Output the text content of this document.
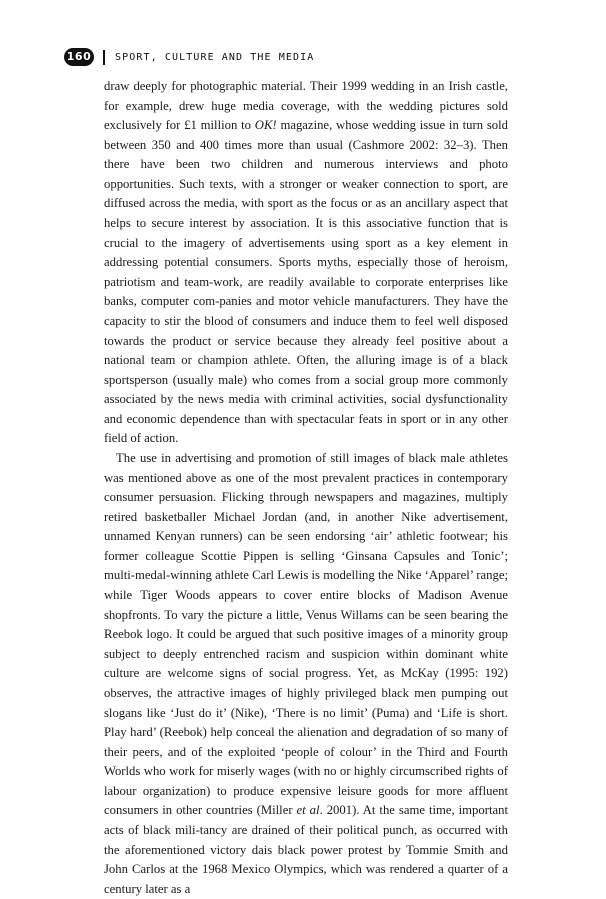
160 SPORT, CULTURE AND THE MEDIA

draw deeply for photographic material. Their 1999 wedding in an Irish castle, for example, drew huge media coverage, with the wedding pictures sold exclusively for £1 million to OK! magazine, whose wedding issue in turn sold between 350 and 400 times more than usual (Cashmore 2002: 32–3). Then there have been two children and numerous interviews and photo opportunities. Such texts, with a stronger or weaker connection to sport, are diffused across the media, with sport as the focus or as an ancillary aspect that helps to secure interest by association. It is this associative function that is crucial to the imagery of advertisements using sport as a key element in addressing potential consumers. Sports myths, especially those of heroism, patriotism and team-work, are readily available to corporate enterprises like banks, computer com-panies and motor vehicle manufacturers. They have the capacity to stir the blood of consumers and induce them to feel well disposed towards the product or service because they already feel positive about a national team or champion athlete. Often, the alluring image is of a black sportsperson (usually male) who comes from a social group more commonly associated by the news media with criminal activities, social dysfunctionality and economic dependence than with spectacular feats in sport or in any other field of action.

The use in advertising and promotion of still images of black male athletes was mentioned above as one of the most prevalent practices in contemporary consumer persuasion. Flicking through newspapers and magazines, multiply retired basketballer Michael Jordan (and, in another Nike advertisement, unnamed Kenyan runners) can be seen endorsing ‘air’ athletic footwear; his former colleague Scottie Pippen is selling ‘Ginsana Capsules and Tonic’; multi-medal-winning athlete Carl Lewis is modelling the Nike ‘Apparel’ range; while Tiger Woods appears to cover entire blocks of Madison Avenue shopfronts. To vary the picture a little, Venus Willams can be seen bearing the Reebok logo. It could be argued that such positive images of a minority group subject to deeply entrenched racism and suspicion within dominant white culture are welcome signs of social progress. Yet, as McKay (1995: 192) observes, the attractive images of highly privileged black men pumping out slogans like ‘Just do it’ (Nike), ‘There is no limit’ (Puma) and ‘Life is short. Play hard’ (Reebok) help conceal the alienation and degradation of so many of their peers, and of the exploited ‘people of colour’ in the Third and Fourth Worlds who work for miserly wages (with no or highly circumscribed rights of labour organization) to produce expensive leisure goods for more affluent consumers in other countries (Miller et al. 2001). At the same time, important acts of black mili-tancy are drained of their political punch, as occurred with the aforementioned victory dais black power protest by Tommie Smith and John Carlos at the 1968 Mexico Olympics, which was rendered a quarter of a century later as a
